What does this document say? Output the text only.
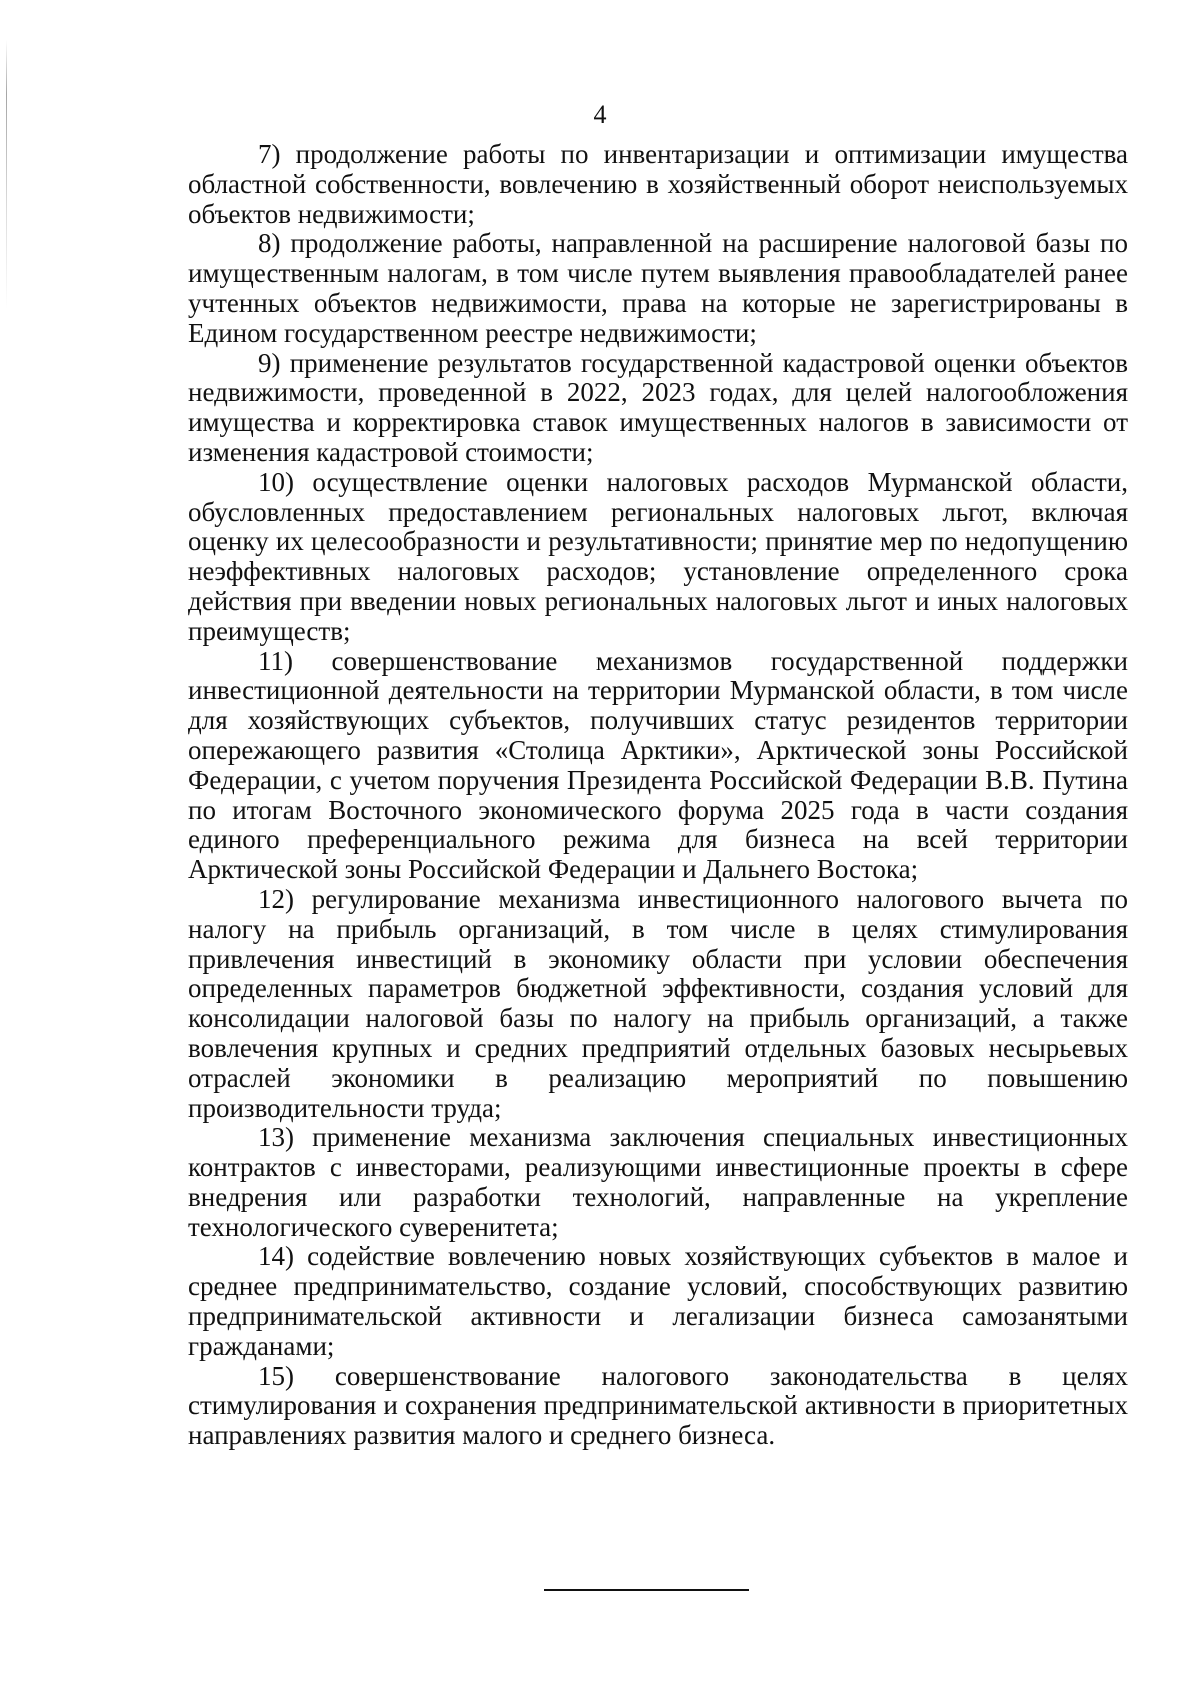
4

7) продолжение работы по инвентаризации и оптимизации имущества областной собственности, вовлечению в хозяйственный оборот неиспользуемых объектов недвижимости;

8) продолжение работы, направленной на расширение налоговой базы по имущественным налогам, в том числе путем выявления правообладателей ранее учтенных объектов недвижимости, права на которые не зарегистрированы в Едином государственном реестре недвижимости;

9) применение результатов государственной кадастровой оценки объектов недвижимости, проведенной в 2022, 2023 годах, для целей налогообложения имущества и корректировка ставок имущественных налогов в зависимости от изменения кадастровой стоимости;

10) осуществление оценки налоговых расходов Мурманской области, обусловленных предоставлением региональных налоговых льгот, включая оценку их целесообразности и результативности; принятие мер по недопущению неэффективных налоговых расходов; установление определенного срока действия при введении новых региональных налоговых льгот и иных налоговых преимуществ;

11) совершенствование механизмов государственной поддержки инвестиционной деятельности на территории Мурманской области, в том числе для хозяйствующих субъектов, получивших статус резидентов территории опережающего развития «Столица Арктики», Арктической зоны Российской Федерации, с учетом поручения Президента Российской Федерации В.В. Путина по итогам Восточного экономического форума 2025 года в части создания единого преференциального режима для бизнеса на всей территории Арктической зоны Российской Федерации и Дальнего Востока;

12) регулирование механизма инвестиционного налогового вычета по налогу на прибыль организаций, в том числе в целях стимулирования привлечения инвестиций в экономику области при условии обеспечения определенных параметров бюджетной эффективности, создания условий для консолидации налоговой базы по налогу на прибыль организаций, а также вовлечения крупных и средних предприятий отдельных базовых несырьевых отраслей экономики в реализацию мероприятий по повышению производительности труда;

13) применение механизма заключения специальных инвестиционных контрактов с инвесторами, реализующими инвестиционные проекты в сфере внедрения или разработки технологий, направленные на укрепление технологического суверенитета;

14) содействие вовлечению новых хозяйствующих субъектов в малое и среднее предпринимательство, создание условий, способствующих развитию предпринимательской активности и легализации бизнеса самозанятыми гражданами;

15) совершенствование налогового законодательства в целях стимулирования и сохранения предпринимательской активности в приоритетных направлениях развития малого и среднего бизнеса.
